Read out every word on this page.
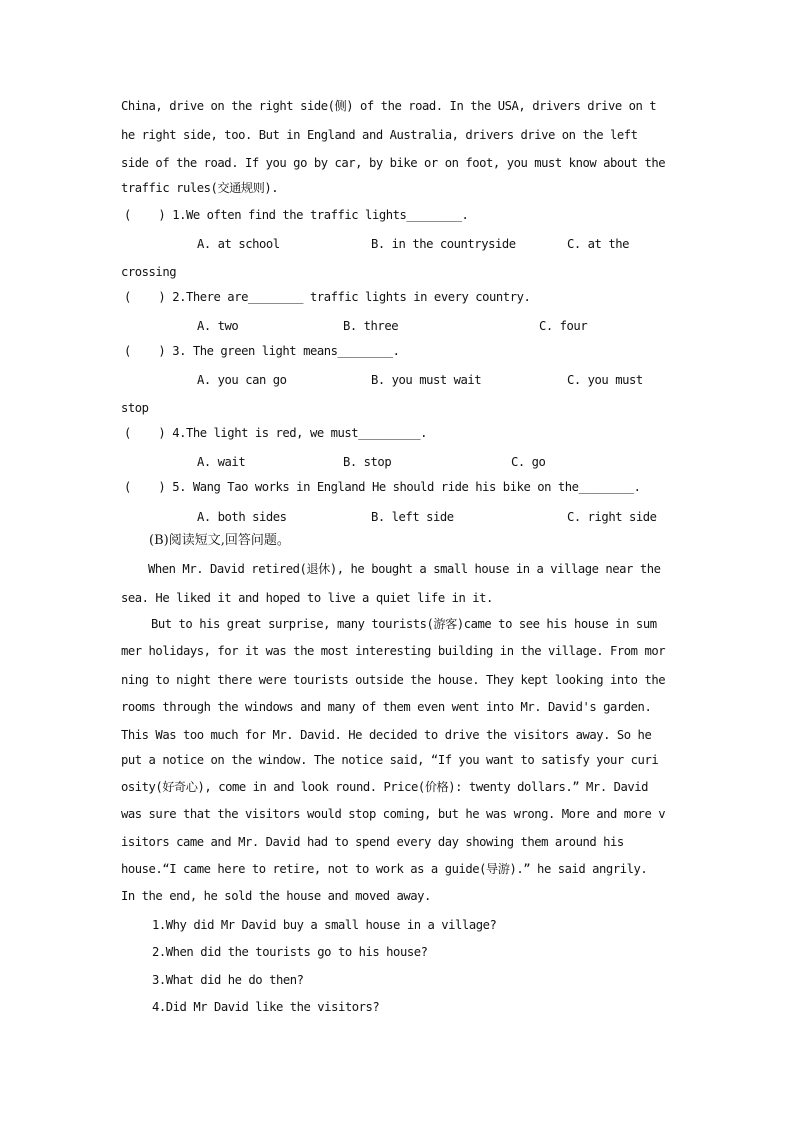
China, drive on the right side(侧) of the road. In the USA, drivers drive on t
he right side, too. But in England and Australia, drivers drive on the left
side of the road. If you go by car, by bike or on foot, you must know about the
traffic rules(交通规则).
(    ) 1.We often find the traffic lights________.
A. at school	B. in the countryside	C. at the
crossing
(    ) 2.There are________ traffic lights in every country.
A. two	B. three	C. four
(    ) 3. The green light means________.
A. you can go	B. you must wait	C. you must
stop
(    ) 4.The light is red, we must_________.
A. wait	B. stop	C. go
(    ) 5. Wang Tao works in England He should ride his bike on the________.
A. both sides	B. left side	C. right side
(B)阅读短文,回答问题。
When Mr. David retired(退休), he bought a small house in a village near the
sea. He liked it and hoped to live a quiet life in it.
But to his great surprise, many tourists(游客)came to see his house in sum
mer holidays, for it was the most interesting building in the village. From mor
ning to night there were tourists outside the house. They kept looking into the
rooms through the windows and many of them even went into Mr. David's garden.
This Was too much for Mr. David. He decided to drive the visitors away. So he
put a notice on the window. The notice said, “If you want to satisfy your curi
osity(好奇心), come in and look round. Price(价格): twenty dollars.” Mr. David
was sure that the visitors would stop coming, but he was wrong. More and more v
isitors came and Mr. David had to spend every day showing them around his
house.“I came here to retire, not to work as a guide(导游).” he said angrily.
In the end, he sold the house and moved away.
1.Why did Mr David buy a small house in a village?
2.When did the tourists go to his house?
3.What did he do then?
4.Did Mr David like the visitors?
